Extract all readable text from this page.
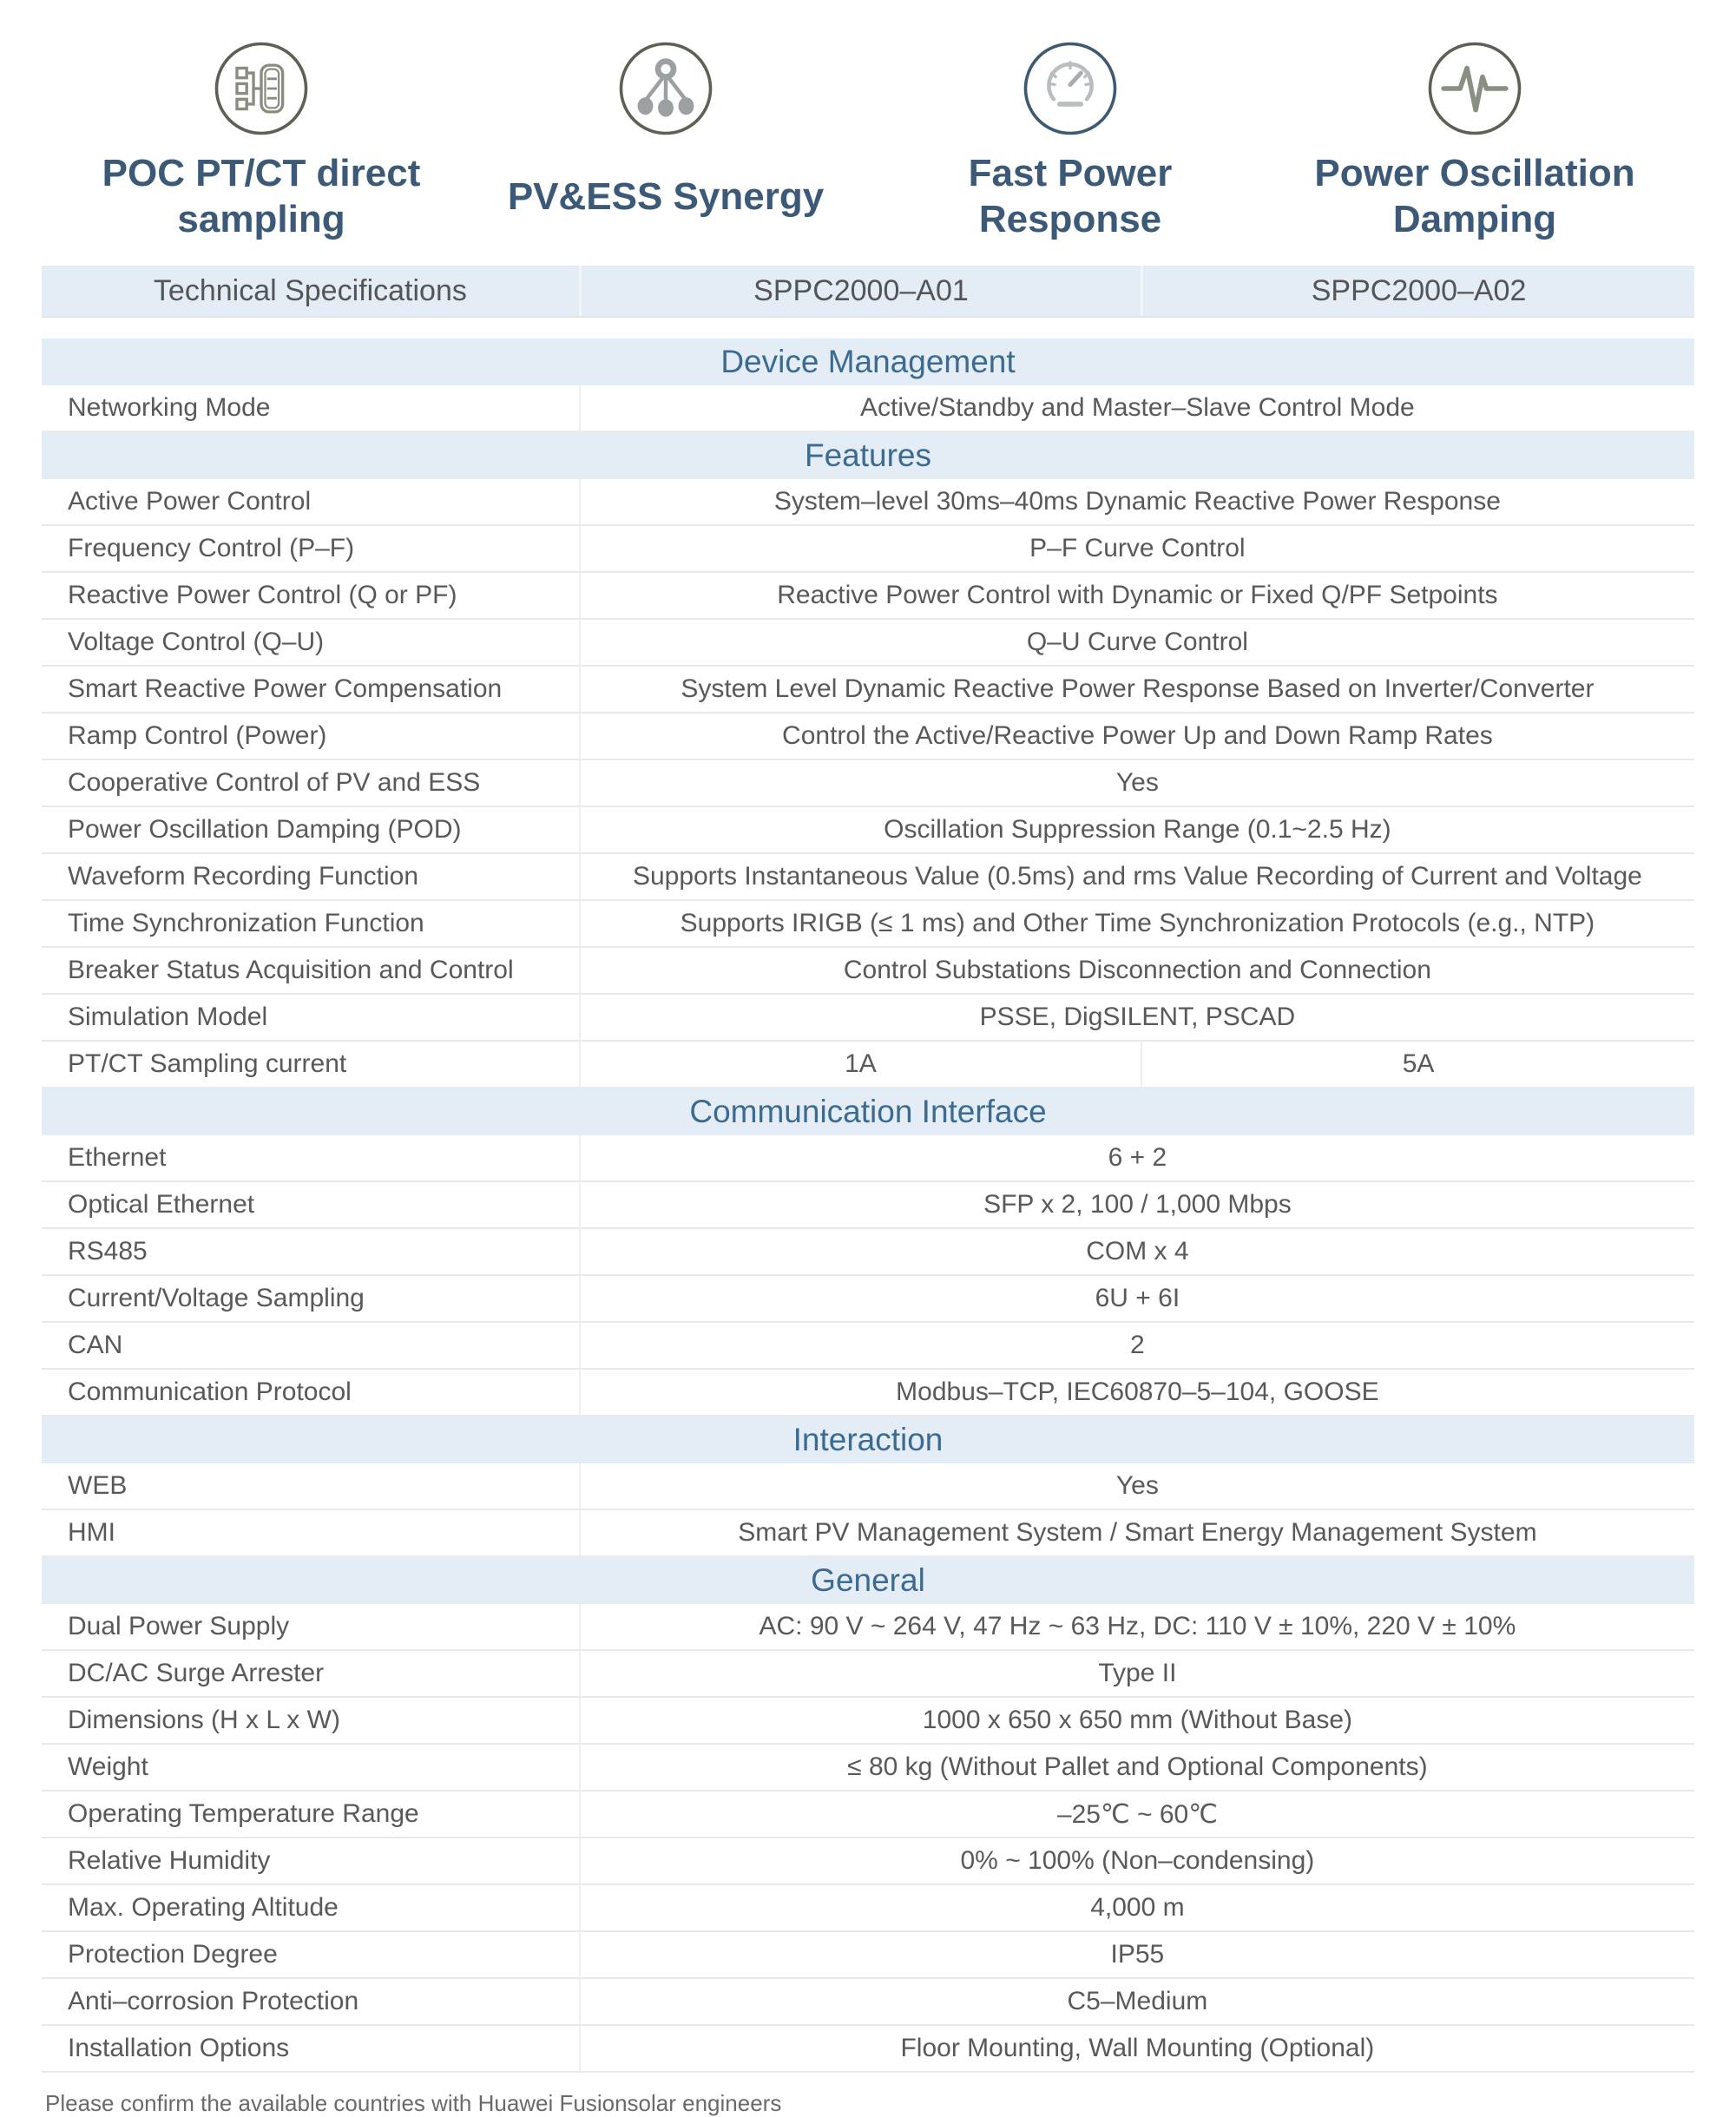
POC PT/CT direct sampling
PV&ESS Synergy
Fast Power Response
Power Oscillation Damping
Technical Specifications	SPPC2000–A01	SPPC2000–A02
Device Management
Networking Mode	Active/Standby and Master–Slave Control Mode
Features
Active Power Control	System–level 30ms–40ms Dynamic Reactive Power Response
Frequency Control (P–F)	P–F Curve Control
Reactive Power Control (Q or PF)	Reactive Power Control with Dynamic or Fixed Q/PF Setpoints
Voltage Control (Q–U)	Q–U Curve Control
Smart Reactive Power Compensation	System Level Dynamic Reactive Power Response Based on Inverter/Converter
Ramp Control (Power)	Control the Active/Reactive Power Up and Down Ramp Rates
Cooperative Control of PV and ESS	Yes
Power Oscillation Damping (POD)	Oscillation Suppression Range (0.1~2.5 Hz)
Waveform Recording Function	Supports Instantaneous Value (0.5ms) and rms Value Recording of Current and Voltage
Time Synchronization Function	Supports IRIGB (≤ 1 ms) and Other Time Synchronization Protocols (e.g., NTP)
Breaker Status Acquisition and Control	Control Substations Disconnection and Connection
Simulation Model	PSSE, DigSILENT, PSCAD
PT/CT Sampling current	1A	5A
Communication Interface
Ethernet	6 + 2
Optical Ethernet	SFP x 2, 100 / 1,000 Mbps
RS485	COM x 4
Current/Voltage Sampling	6U + 6I
CAN	2
Communication Protocol	Modbus–TCP, IEC60870–5–104, GOOSE
Interaction
WEB	Yes
HMI	Smart PV Management System / Smart Energy Management System
General
Dual Power Supply	AC: 90 V ~ 264 V, 47 Hz ~ 63 Hz, DC: 110 V ± 10%, 220 V ± 10%
DC/AC Surge Arrester	Type II
Dimensions (H x L x W)	1000 x 650 x 650 mm (Without Base)
Weight	≤ 80 kg (Without Pallet and Optional Components)
Operating Temperature Range	–25℃ ~ 60℃
Relative Humidity	0% ~ 100% (Non–condensing)
Max. Operating Altitude	4,000 m
Protection Degree	IP55
Anti–corrosion Protection	C5–Medium
Installation Options	Floor Mounting, Wall Mounting (Optional)
Please confirm the available countries with Huawei Fusionsolar engineers
